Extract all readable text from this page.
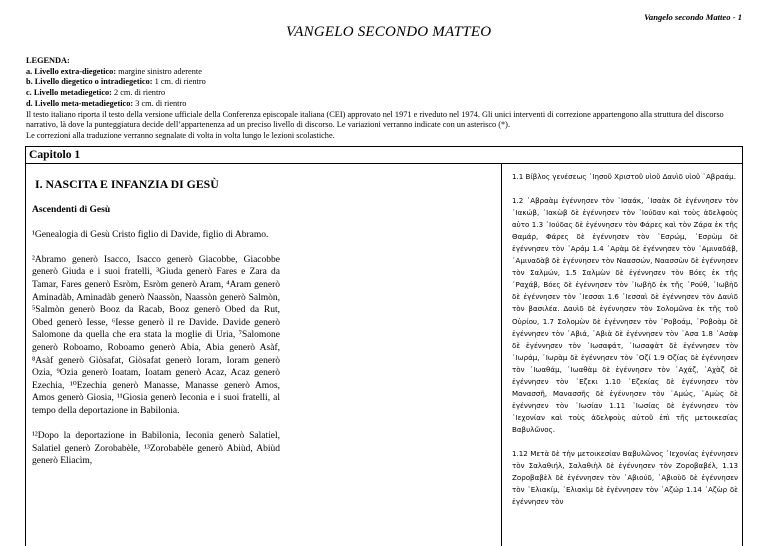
Vangelo secondo Matteo - 1
VANGELO SECONDO MATTEO
LEGENDA:
a. Livello extra-diegetico: margine sinistro aderente
b. Livello diegetico o intradiegetico: 1 cm. di rientro
c. Livello metadiegetico: 2 cm. di rientro
d. Livello meta-metadiegetico: 3 cm. di rientro
Il testo italiano riporta il testo della versione ufficiale della Conferenza episcopale italiana (CEI) approvato nel 1971 e riveduto nel 1974. Gli unici interventi di correzione appartengono alla struttura del discorso narrativo, là dove la punteggiatura decide dell’appartenenza ad un preciso livello di discorso. Le variazioni verranno indicate con un asterisco (*).
Le correzioni alla traduzione verranno segnalate di volta in volta lungo le lezioni scolastiche.
Capitolo 1
I. NASCITA E INFANZIA DI GESÙ
Ascendenti di Gesù

¹Genealogia di Gesù Cristo figlio di Davide, figlio di Abramo.

²Abramo generò Isacco, Isacco generò Giacobbe, Giacobbe generò Giuda e i suoi fratelli, ³Giuda generò Fares e Zara da Tamar, Fares generò Esròm, Esròm generò Aram, ⁴Aram generò Aminadàb, Aminadàb generò Naassòn, Naassòn generò Salmòn, ⁵Salmòn generò Booz da Racab, Booz generò Obed da Rut, Obed generò Iesse, ⁶Iesse generò il re Davide. Davide generò Salomone da quella che era stata la moglie di Uria, ⁷Salomone generò Roboamo, Roboamo generò Abia, Abia generò Asàf, ⁸Asàf generò Giòsafat, Giòsafat generò Ioram, Ioram generò Ozia, ⁹Ozia generò Ioatam, Ioatam generò Acaz, Acaz generò Ezechia, ¹⁰Ezechia generò Manasse, Manasse generò Amos, Amos generò Giosia, ¹¹Giosia generò Ieconia e i suoi fratelli, al tempo della deportazione in Babilonia.

¹²Dopo la deportazione in Babilonia, Ieconia generò Salatiel, Salatiel generò Zorobabèle, ¹³Zorobabèle generò Abiùd, Abiùd generò Eliacìm,

1.1 Βίβλος γενέσεως ᾿Ιησοῦ Χριστοῦ υἱοῦ Δαυὶδ υἱοῦ ᾿Αβραάμ.

1.2 ᾿Αβραὰμ ἐγέννησεν τὸν ᾿Ισαάκ, ᾿Ισαὰκ δὲ ἐγέννησεν τὸν ᾿Ιακώβ, ᾿Ιακὼβ δὲ ἐγέννησεν τὸν ᾿Ιούδαν καὶ τοὺς ἀδελφοὺς αὐτο 1.3 ᾿Ιούδας δὲ ἐγέννησεν τὸν Φάρες καὶ τὸν Ζάρα ἐκ τῆς Θαμάρ, Φάρες δὲ ἐγέννησεν τὸν ᾿Εσρώμ, ᾿Εσρὼμ δὲ ἐγέννησεν τὸν ᾿Αράμ 1.4 ᾿Αρὰμ δὲ ἐγέννησεν τὸν ᾿Αμιναδάβ, ᾿Αμιναδὰβ δὲ ἐγέννησεν τὸν Ναασσών, Ναασσὼν δὲ ἐγέννησεν τὸν Σαλμών, 1.5 Σαλμὼν δὲ ἐγέννησεν τὸν Βόες ἐκ τῆς ῾Ραχάβ, Βόες δὲ ἐγέννησεν τὸν ᾿Ιωβὴδ ἐκ τῆς ῾Ρούθ, ᾿Ιωβὴδ δὲ ἐγέννησεν τὸν ᾿Ιεσσαι 1.6 ᾿Ιεσσαὶ δὲ ἐγέννησεν τὸν Δαυὶδ τὸν βασιλέα. Δαυὶδ δὲ ἐγέννησεν τὸν Σολομῶνα ἐκ τῆς τοῦ Οὐρίου, 1.7 Σολομὼν δὲ ἐγέννησεν τὸν ῾Ροβοάμ, ῾Ροβοὰμ δὲ ἐγέννησεν τὸν ᾿Αβιά, ᾿Αβιὰ δὲ ἐγέννησεν τὸν ᾿Ασα 1.8 ᾿Ασὰφ δὲ ἐγέννησεν τὸν ᾿Ιωσαφάτ, ᾿Ιωσαφὰτ δὲ ἐγέννησεν τὸν ᾿Ιωράμ, ᾿Ιωρὰμ δὲ ἐγέννησεν τὸν ᾿Οζί 1.9 Οζίας δὲ ἐγέννησεν τὸν ᾿Ιωαθάμ, ᾿Ιωαθὰμ δὲ ἐγέννησεν τὸν ᾿Αχάζ, ᾿Αχὰζ δὲ ἐγέννησεν τὸν ᾿Εζεκι 1.10 ᾿Εζεκίας δὲ ἐγέννησεν τὸν Μανασσῆ, Μανασσῆς δὲ ἐγέννησεν τὸν ᾿Αμώς, ᾿Αμὼς δὲ ἐγέννησεν τὸν ᾿Ιωσίαν 1.11 ᾿Ιωσίας δὲ ἐγέννησεν τὸν ᾿Ιεχονίαν καὶ τοὺς ἀδελφοὺς αὐτοῦ ἐπὶ τῆς μετοικεσίας Βαβυλῶνος.

1.12 Μετὰ δὲ τὴν μετοικεσίαν Βαβυλῶνος ᾿Ιεχονίας ἐγέννησεν τὸν Σαλαθιήλ, Σαλαθιὴλ δὲ ἐγέννησεν τὸν Ζοροβαβέλ, 1.13 Ζοροβαβὲλ δὲ ἐγέννησεν τὸν ᾿Αβιούδ, ᾿Αβιοὺδ δὲ ἐγέννησεν τὸν ᾿Ελιακίμ, ᾿Ελιακὶμ δὲ ἐγέννησεν τὸν ᾿Αζώρ 1.14 ᾿Αζὼρ δὲ ἐγέννησεν τὸν
